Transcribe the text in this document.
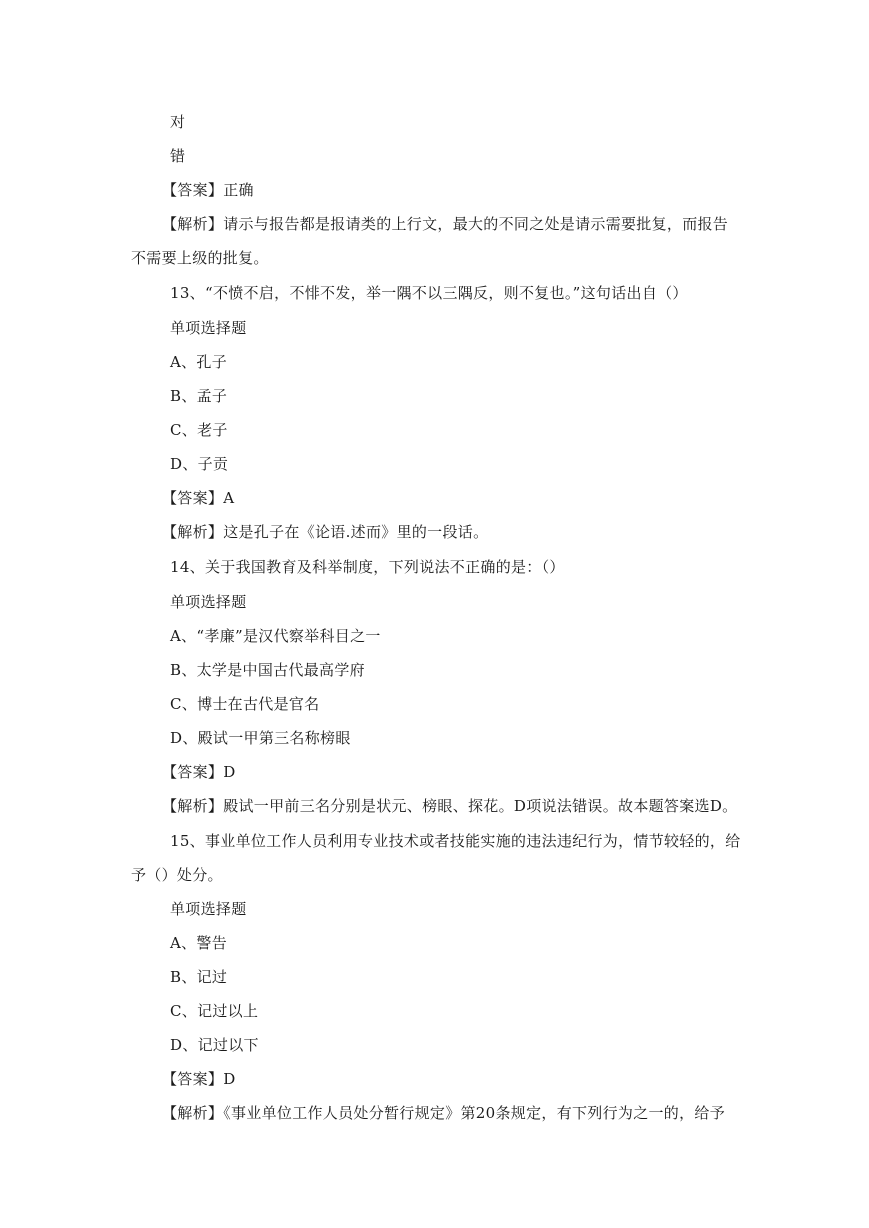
对
错
【答案】正确
【解析】请示与报告都是报请类的上行文，最大的不同之处是请示需要批复，而报告
不需要上级的批复。
13、“不愤不启，不悱不发，举一隅不以三隅反，则不复也。”这句话出自（）
单项选择题
A、孔子
B、孟子
C、老子
D、子贡
【答案】A
【解析】这是孔子在《论语.述而》里的一段话。
14、关于我国教育及科举制度，下列说法不正确的是：（）
单项选择题
A、“孝廉”是汉代察举科目之一
B、太学是中国古代最高学府
C、博士在古代是官名
D、殿试一甲第三名称榜眼
【答案】D
【解析】殿试一甲前三名分别是状元、榜眼、探花。D项说法错误。故本题答案选D。
15、事业单位工作人员利用专业技术或者技能实施的违法违纪行为，情节较轻的，给
予（）处分。
单项选择题
A、警告
B、记过
C、记过以上
D、记过以下
【答案】D
【解析】《事业单位工作人员处分暂行规定》第20条规定，有下列行为之一的，给予
